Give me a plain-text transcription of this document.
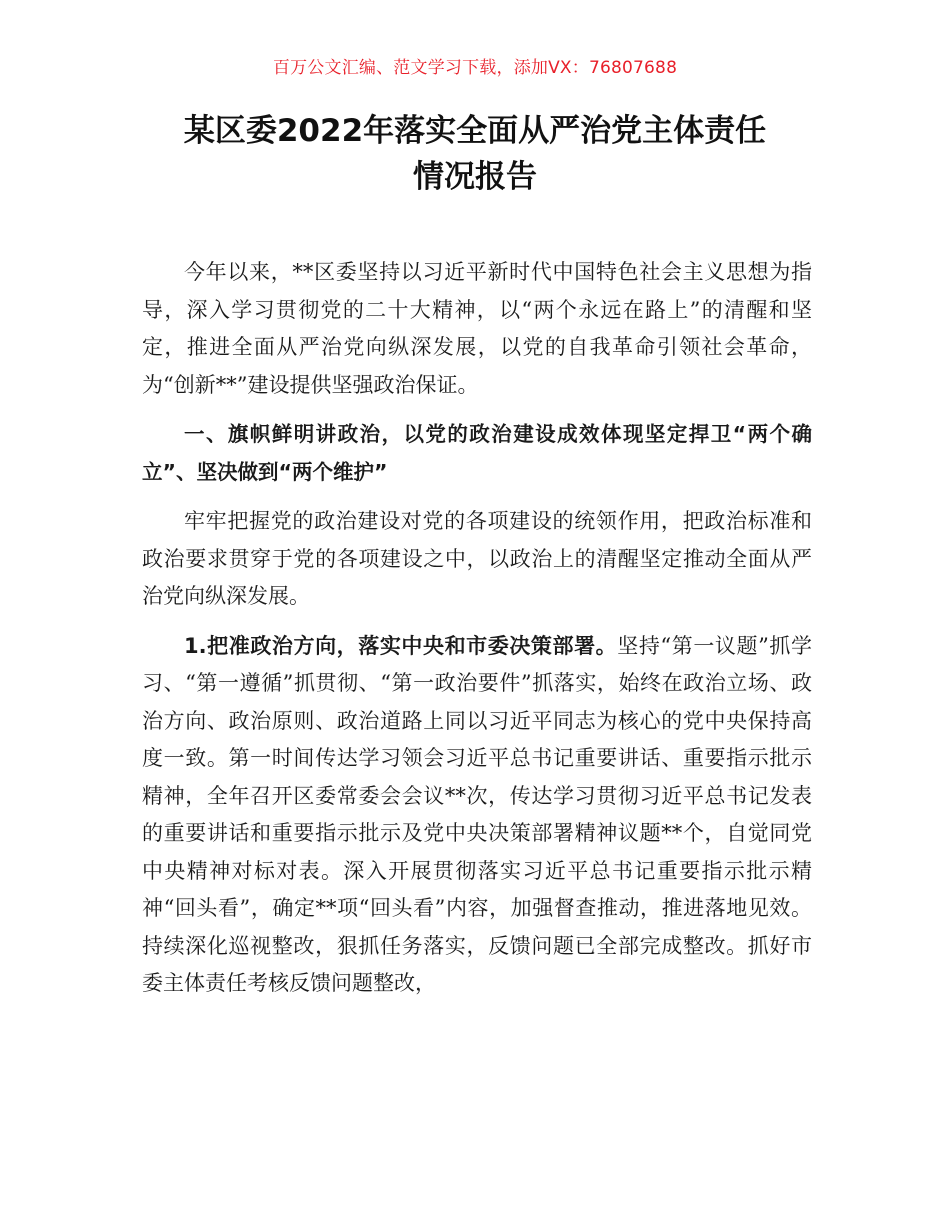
百万公文汇编、范文学习下载，添加VX：76807688
某区委2022年落实全面从严治党主体责任
情况报告

今年以来，**区委坚持以习近平新时代中国特色社会主义思想为指导，深入学习贯彻党的二十大精神，以“两个永远在路上”的清醒和坚定，推进全面从严治党向纵深发展，以党的自我革命引领社会革命，为“创新**”建设提供坚强政治保证。

一、旗帜鲜明讲政治，以党的政治建设成效体现坚定捍卫“两个确立”、坚决做到“两个维护”

牢牢把握党的政治建设对党的各项建设的统领作用，把政治标准和政治要求贯穿于党的各项建设之中，以政治上的清醒坚定推动全面从严治党向纵深发展。

1.把准政治方向，落实中央和市委决策部署。坚持“第一议题”抓学习、“第一遵循”抓贯彻、“第一政治要件”抓落实，始终在政治立场、政治方向、政治原则、政治道路上同以习近平同志为核心的党中央保持高度一致。第一时间传达学习领会习近平总书记重要讲话、重要指示批示精神，全年召开区委常委会会议**次，传达学习贯彻习近平总书记发表的重要讲话和重要指示批示及党中央决策部署精神议题**个，自觉同党中央精神对标对表。深入开展贯彻落实习近平总书记重要指示批示精神“回头看”，确定**项“回头看”内容，加强督查推动，推进落地见效。持续深化巡视整改，狠抓任务落实，反馈问题已全部完成整改。抓好市委主体责任考核反馈问题整改，
